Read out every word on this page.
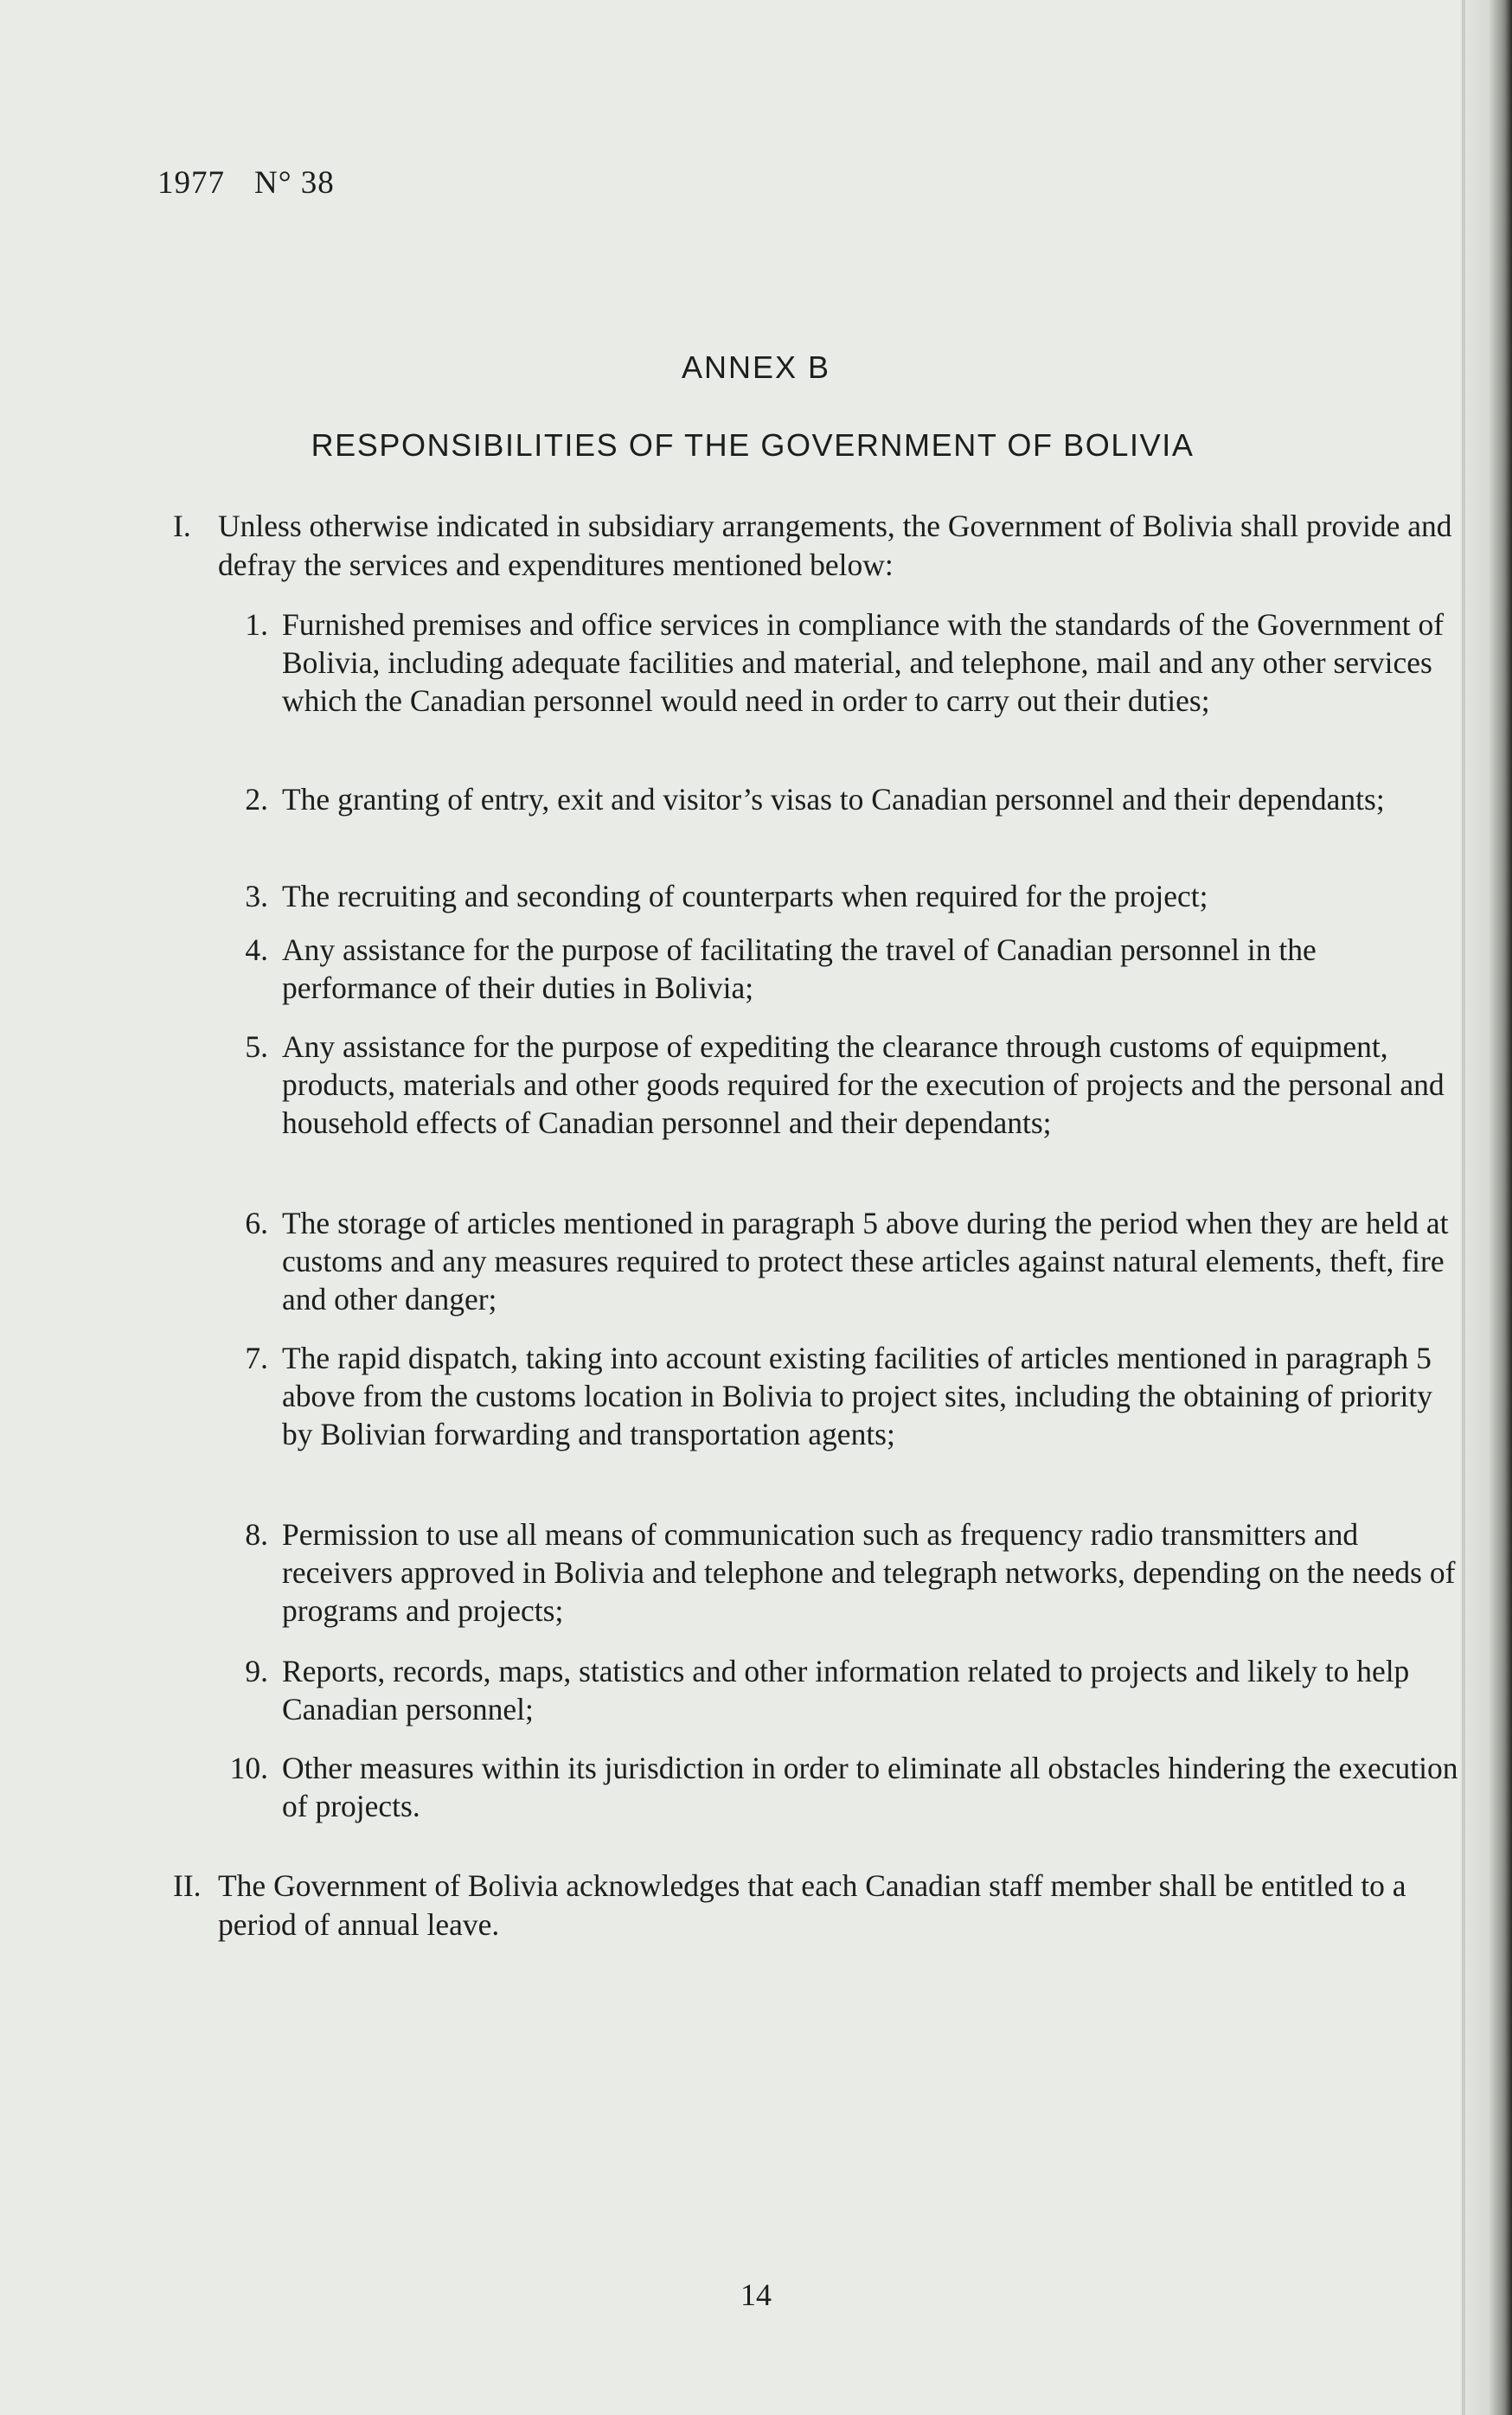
1977 N° 38
ANNEX B
RESPONSIBILITIES OF THE GOVERNMENT OF BOLIVIA
I. Unless otherwise indicated in subsidiary arrangements, the Government of Bolivia shall provide and defray the services and expenditures mentioned below:
1. Furnished premises and office services in compliance with the standards of the Government of Bolivia, including adequate facilities and material, and telephone, mail and any other services which the Canadian personnel would need in order to carry out their duties;
2. The granting of entry, exit and visitor’s visas to Canadian personnel and their dependants;
3. The recruiting and seconding of counterparts when required for the project;
4. Any assistance for the purpose of facilitating the travel of Canadian personnel in the performance of their duties in Bolivia;
5. Any assistance for the purpose of expediting the clearance through customs of equipment, products, materials and other goods required for the execution of projects and the personal and household effects of Canadian personnel and their dependants;
6. The storage of articles mentioned in paragraph 5 above during the period when they are held at customs and any measures required to protect these articles against natural elements, theft, fire and other danger;
7. The rapid dispatch, taking into account existing facilities of articles mentioned in paragraph 5 above from the customs location in Bolivia to project sites, including the obtaining of priority by Bolivian forwarding and transportation agents;
8. Permission to use all means of communication such as frequency radio transmitters and receivers approved in Bolivia and telephone and telegraph networks, depending on the needs of programs and projects;
9. Reports, records, maps, statistics and other information related to projects and likely to help Canadian personnel;
10. Other measures within its jurisdiction in order to eliminate all obstacles hindering the execution of projects.
II. The Government of Bolivia acknowledges that each Canadian staff member shall be entitled to a period of annual leave.
14
